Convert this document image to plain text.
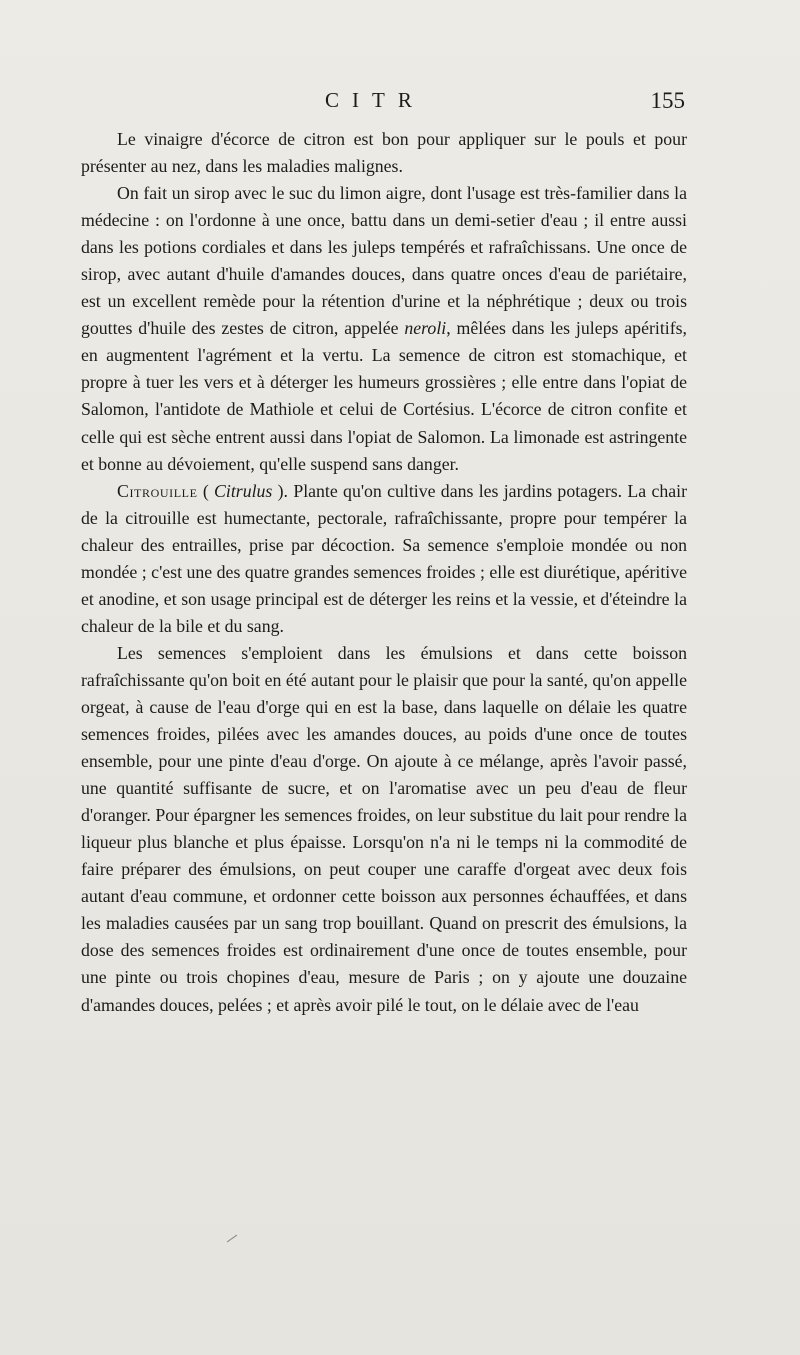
CITR	155

Le vinaigre d'écorce de citron est bon pour appliquer sur le pouls et pour présenter au nez, dans les maladies malignes.

On fait un sirop avec le suc du limon aigre, dont l'usage est très-familier dans la médecine : on l'ordonne à une once, battu dans un demi-setier d'eau ; il entre aussi dans les potions cordiales et dans les juleps tempérés et rafraîchissans. Une once de sirop, avec autant d'huile d'amandes douces, dans quatre onces d'eau de pariétaire, est un excellent remède pour la rétention d'urine et la néphrétique ; deux ou trois gouttes d'huile des zestes de citron, appelée neroli, mêlées dans les juleps apéritifs, en augmentent l'agrément et la vertu. La semence de citron est stomachique, et propre à tuer les vers et à déterger les humeurs grossières ; elle entre dans l'opiat de Salomon, l'antidote de Mathiole et celui de Cortésius. L'écorce de citron confite et celle qui est sèche entrent aussi dans l'opiat de Salomon. La limonade est astringente et bonne au dévoiement, qu'elle suspend sans danger.

Citrouille ( Citrulus ). Plante qu'on cultive dans les jardins potagers. La chair de la citrouille est humectante, pectorale, rafraîchissante, propre pour tempérer la chaleur des entrailles, prise par décoction. Sa semence s'emploie mondée ou non mondée ; c'est une des quatre grandes semences froides ; elle est diurétique, apéritive et anodine, et son usage principal est de déterger les reins et la vessie, et d'éteindre la chaleur de la bile et du sang.

Les semences s'emploient dans les émulsions et dans cette boisson rafraîchissante qu'on boit en été autant pour le plaisir que pour la santé, qu'on appelle orgeat, à cause de l'eau d'orge qui en est la base, dans laquelle on délaie les quatre semences froides, pilées avec les amandes douces, au poids d'une once de toutes ensemble, pour une pinte d'eau d'orge. On ajoute à ce mélange, après l'avoir passé, une quantité suffisante de sucre, et on l'aromatise avec un peu d'eau de fleur d'oranger. Pour épargner les semences froides, on leur substitue du lait pour rendre la liqueur plus blanche et plus épaisse. Lorsqu'on n'a ni le temps ni la commodité de faire préparer des émulsions, on peut couper une caraffe d'orgeat avec deux fois autant d'eau commune, et ordonner cette boisson aux personnes échauffées, et dans les maladies causées par un sang trop bouillant. Quand on prescrit des émulsions, la dose des semences froides est ordinairement d'une once de toutes ensemble, pour une pinte ou trois chopines d'eau, mesure de Paris ; on y ajoute une douzaine d'amandes douces, pelées ; et après avoir pilé le tout, on le délaie avec de l'eau
